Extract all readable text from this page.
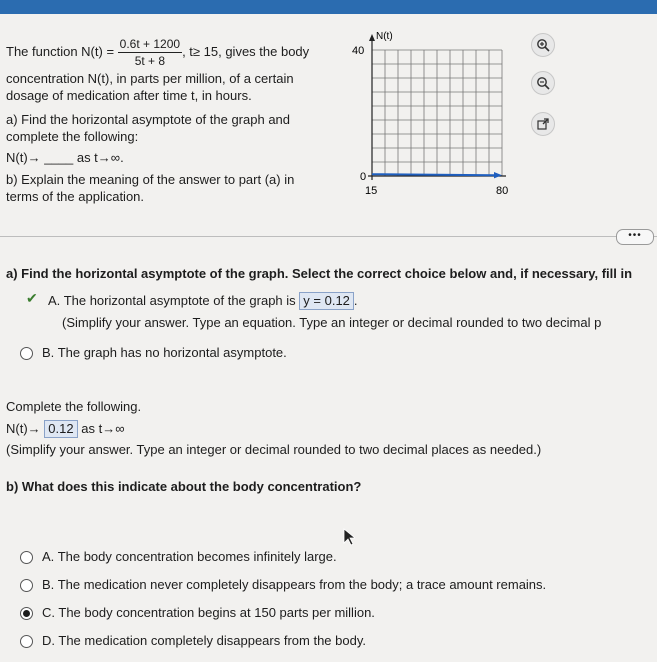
The function $N(t) = \frac{0.6t + 1200}{5t + 8}$ , t≥ 15, gives the body
concentration N(t), in parts per million, of a certain
dosage of medication after time t, in hours.
a) Find the horizontal asymptote of the graph and
complete the following:
N(t)→ ____ as t→∞.
b) Explain the meaning of the answer to part (a) in
terms of the application.
N(t)
40
0
15	80
•••
a) Find the horizontal asymptote of the graph. Select the correct choice below and, if necessary, fill in
✔ A. The horizontal asymptote of the graph is y = 0.12 .
(Simplify your answer. Type an equation. Type an integer or decimal rounded to two decimal p
B. The graph has no horizontal asymptote.
Complete the following.
N(t)→ 0.12 as t→∞
(Simplify your answer. Type an integer or decimal rounded to two decimal places as needed.)
b) What does this indicate about the body concentration?
A. The body concentration becomes infinitely large.
B. The medication never completely disappears from the body; a trace amount remains.
C. The body concentration begins at 150 parts per million.
D. The medication completely disappears from the body.
